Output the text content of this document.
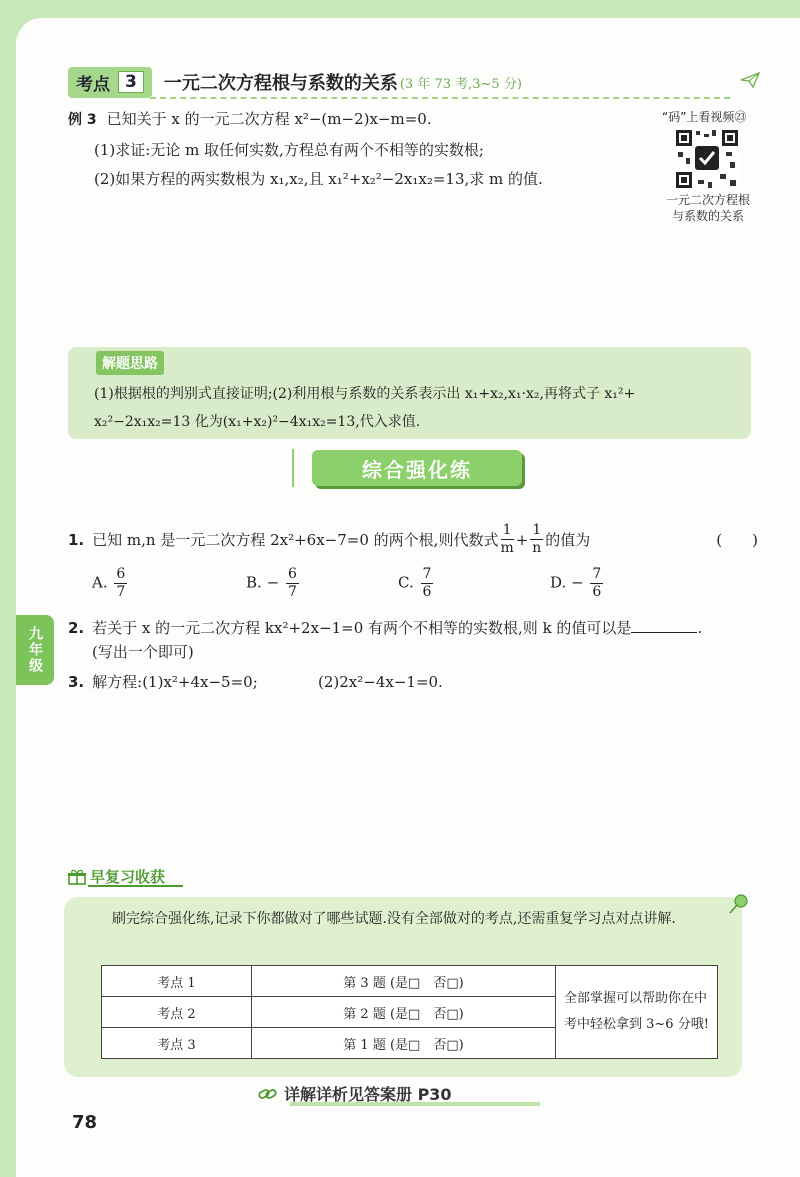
考点 3	一元二次方程根与系数的关系 (3 年 73 考,3~5 分)
例 3 已知关于 x 的一元二次方程 x²−(m−2)x−m=0.
(1)求证:无论 m 取任何实数,方程总有两个不相等的实数根;
(2)如果方程的两实数根为 x₁,x₂,且 x₁²+x₂²−2x₁x₂=13,求 m 的值.
“码”上看视频㉓
一元二次方程根
与系数的关系
解题思路
(1)根据根的判别式直接证明;(2)利用根与系数的关系表示出 x₁+x₂,x₁·x₂,再将式子 x₁²+
x₂²−2x₁x₂=13 化为(x₁+x₂)²−4x₁x₂=13,代入求值.
综合强化练
1. 已知 m,n 是一元二次方程 2x²+6x−7=0 的两个根,则代数式 $\frac{1}{m} + \frac{1}{n}$ 的值为	(　　)
A. $\frac{6}{7}$	B. − $\frac{6}{7}$	C. $\frac{7}{6}$	D. − $\frac{7}{6}$
九年级	2. 若关于 x 的一元二次方程 kx²+2x−1=0 有两个不相等的实数根,则 k 的值可以是	.
(写出一个即可)
3. 解方程:(1)x²+4x−5=0;	(2)2x²−4x−1=0.
早复习收获
刷完综合强化练,记录下你都做对了哪些试题.没有全部做对的考点,还需重复学习点对点讲解.
考点 1	第 3 题 (是□　否□)	全部掌握可以帮助你在中考中轻松拿到 3~6 分哦!
考点 2	第 2 题 (是□　否□)	
考点 3	第 1 题 (是□　否□)	
详解详析见答案册 P30
78
